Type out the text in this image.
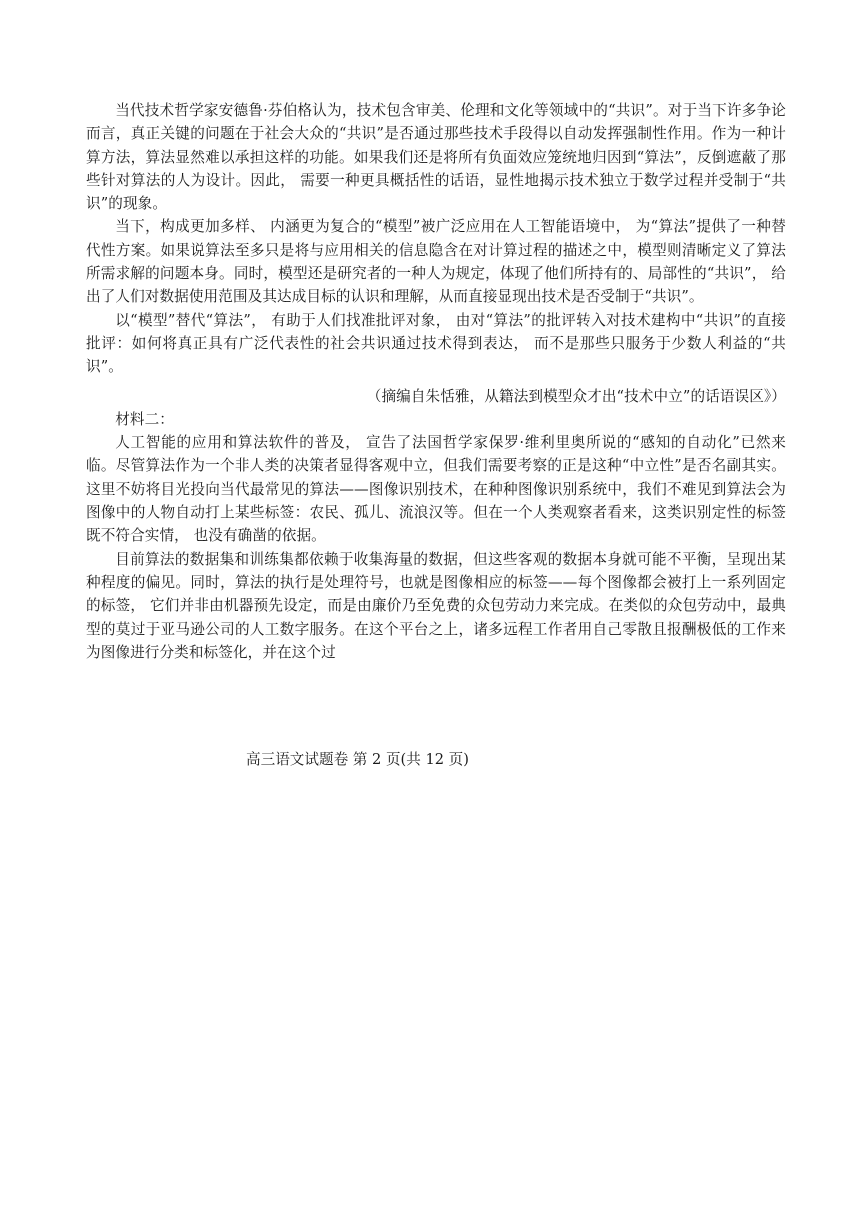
当代技术哲学家安德鲁·芬伯格认为，技术包含审美、伦理和文化等领域中的“共识”。对于当下许多争论而言，真正关键的问题在于社会大众的“共识”是否通过那些技术手段得以自动发挥强制性作用。作为一种计算方法，算法显然难以承担这样的功能。如果我们还是将所有负面效应笼统地归因到“算法”，反倒遮蔽了那些针对算法的人为设计。因此， 需要一种更具概括性的话语，显性地揭示技术独立于数学过程并受制于“共识”的现象。

当下，构成更加多样、 内涵更为复合的“模型”被广泛应用在人工智能语境中， 为“算法”提供了一种替代性方案。如果说算法至多只是将与应用相关的信息隐含在对计算过程的描述之中，模型则清晰定义了算法所需求解的问题本身。同时，模型还是研究者的一种人为规定，体现了他们所持有的、局部性的“共识”， 给出了人们对数据使用范围及其达成目标的认识和理解，从而直接显现出技术是否受制于“共识”。

以“模型”替代“算法”， 有助于人们找准批评对象， 由对“算法”的批评转入对技术建构中“共识”的直接批评：如何将真正具有广泛代表性的社会共识通过技术得到表达， 而不是那些只服务于少数人利益的“共识”。

（摘编自朱恬雅，从籍法到模型众才出“技术中立”的话语误区》）

材料二：

人工智能的应用和算法软件的普及， 宣告了法国哲学家保罗·维利里奥所说的“感知的自动化”已然来临。尽管算法作为一个非人类的决策者显得客观中立，但我们需要考察的正是这种“中立性”是否名副其实。这里不妨将目光投向当代最常见的算法——图像识别技术，在种种图像识别系统中，我们不难见到算法会为图像中的人物自动打上某些标签：农民、孤儿、流浪汉等。但在一个人类观察者看来，这类识别定性的标签既不符合实情， 也没有确凿的依据。

目前算法的数据集和训练集都依赖于收集海量的数据，但这些客观的数据本身就可能不平衡，呈现出某种程度的偏见。同时，算法的执行是处理符号，也就是图像相应的标签——每个图像都会被打上一系列固定的标签， 它们并非由机器预先设定，而是由廉价乃至免费的众包劳动力来完成。在类似的众包劳动中，最典型的莫过于亚马逊公司的人工数字服务。在这个平台之上，诸多远程工作者用自己零散且报酬极低的工作来为图像进行分类和标签化，并在这个过

高三语文试题卷 第 2 页(共 12 页)
